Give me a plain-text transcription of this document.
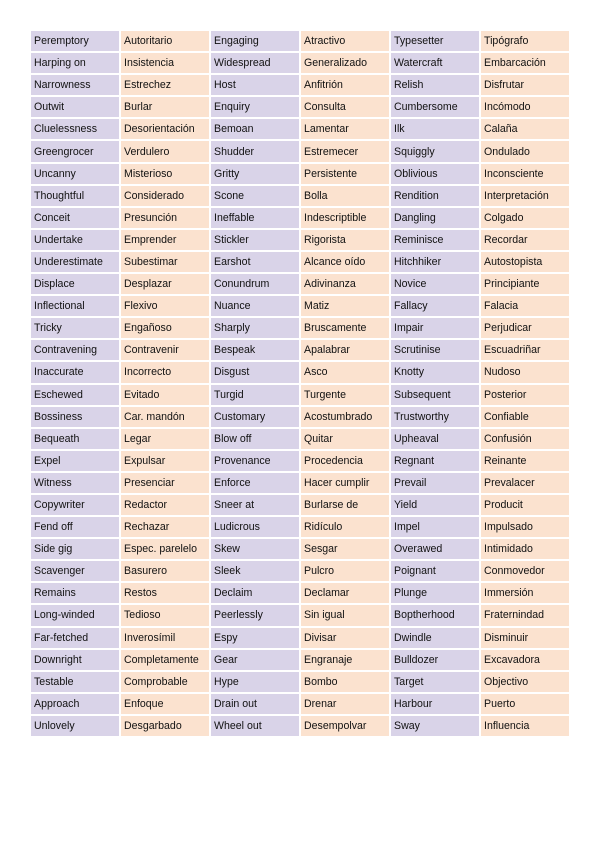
Peremptory	Autoritario	Engaging	Atractivo	Typesetter	Tipógrafo
Harping on	Insistencia	Widespread	Generalizado	Watercraft	Embarcación
Narrowness	Estrechez	Host	Anfitrión	Relish	Disfrutar
Outwit	Burlar	Enquiry	Consulta	Cumbersome	Incómodo
Cluelessness	Desorientación	Bemoan	Lamentar	Ilk	Calaña
Greengrocer	Verdulero	Shudder	Estremecer	Squiggly	Ondulado
Uncanny	Misterioso	Gritty	Persistente	Oblivious	Inconsciente
Thoughtful	Considerado	Scone	Bolla	Rendition	Interpretación
Conceit	Presunción	Ineffable	Indescriptible	Dangling	Colgado
Undertake	Emprender	Stickler	Rigorista	Reminisce	Recordar
Underestimate	Subestimar	Earshot	Alcance oído	Hitchhiker	Autostopista
Displace	Desplazar	Conundrum	Adivinanza	Novice	Principiante
Inflectional	Flexivo	Nuance	Matiz	Fallacy	Falacia
Tricky	Engañoso	Sharply	Bruscamente	Impair	Perjudicar
Contravening	Contravenir	Bespeak	Apalabrar	Scrutinise	Escuadriñar
Inaccurate	Incorrecto	Disgust	Asco	Knotty	Nudoso
Eschewed	Evitado	Turgid	Turgente	Subsequent	Posterior
Bossiness	Car. mandón	Customary	Acostumbrado	Trustworthy	Confiable
Bequeath	Legar	Blow off	Quitar	Upheaval	Confusión
Expel	Expulsar	Provenance	Procedencia	Regnant	Reinante
Witness	Presenciar	Enforce	Hacer cumplir	Prevail	Prevalacer
Copywriter	Redactor	Sneer at	Burlarse de	Yield	Producit
Fend off	Rechazar	Ludicrous	Ridículo	Impel	Impulsado
Side gig	Espec. parelelo	Skew	Sesgar	Overawed	Intimidado
Scavenger	Basurero	Sleek	Pulcro	Poignant	Conmovedor
Remains	Restos	Declaim	Declamar	Plunge	Immersión
Long-winded	Tedioso	Peerlessly	Sin igual	Boptherhood	Fraternindad
Far-fetched	Inverosímil	Espy	Divisar	Dwindle	Disminuir
Downright	Completamente	Gear	Engranaje	Bulldozer	Excavadora
Testable	Comprobable	Hype	Bombo	Target	Objectivo
Approach	Enfoque	Drain out	Drenar	Harbour	Puerto
Unlovely	Desgarbado	Wheel out	Desempolvar	Sway	Influencia
